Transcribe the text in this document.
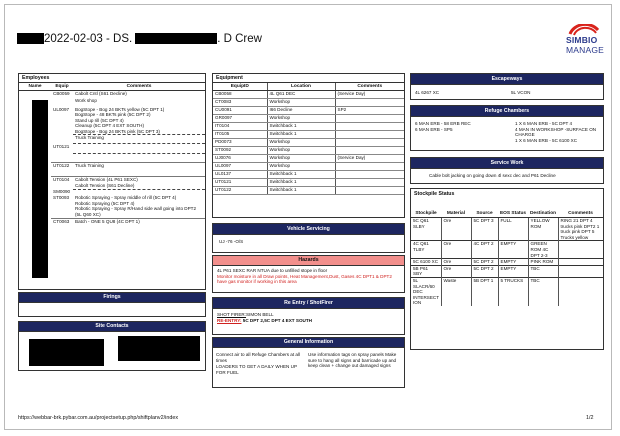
2022-02-03 - DS.	. D Crew	SIMBIO
MANAGE
Employees
Name	Equip	Comments
	CB0059	Cabolt Cntl (S61 Decline)
		Work shop
	UL0097	BogStope - Bog 24 BKTs yellow (5C DPT 1)
BogStope - 48 BKTs pink (5C DPT 2)
Stand up rill (5C DPT 4)
Cleanup (5C DPT 4 EXT SOUTH)
BogStope - Bog 24 BKTs pink (5C DPT 3)

		Truck Training
	UT0121	

	UT0122	Truck Training
	UT0104	Cabolt Tension (4L P61 SEXC)
Cabolt Tension (S61 Decline)

	SM0090	
	ST0093	Robotic Spraying - Spray middle of rill (5C DPT 4)
Robotic Spraying (5C DPT 4)
Robotic Spraying - Spray R/Hand side wall going into DPT2 (5L Q60 XC)

	CT0063	Batch - ONE 5 QU8 (4C DPT 1)
Firings
Site Contacts
Equipment
EquipID	Location	Comments
CB0058	4L Q61 DEC	(Service Day)
CT0083	Workshop	
CU0091	I66 Decline	SP2
GR0097	Workshop	
IT0104	Switchback 1	
IT0105	Switchback 1	
PD0073	Workshop	
ST0092	Workshop	
UJ0076	Workshop	(Service Day)
UL0097	Workshop	
UL0137	Switchback 1	
UT0121	Switchback 1	
UT0122	Switchback 1	
Vehicle Servicing
UJ -76 -O/S
Hazards
4L P61 SEXC RAR NTUA due to unfilled stope in floor
Monitor moisture in all Draw points, Heat Management,Dust, Gases 4C DPT1 & DPT2 have gas monitor if working in this area
Re Entry / ShotFirer
SHOT FIRER:SIMON BELL
RE-ENTRY: 5C DPT 2,5C DPT 4 EXT SOUTH
General Information
Connect air to all Refuge Chambers at all times
LOADERS TO GET A DAILY WHEN UP FOR FUEL
Use information tags on spray panels Make sure to hang all signs and barricade up and keep clean + change out damaged signs
Escapeways
4L 6267 XC	5L VCON
Refuge Chambers
6 MAN ERB - 58 ERB REC
6 MAN ERB - SP5
1 X 6 MAN ERB - 5C DPT 4
4 MAN IN WORKSHOP -SURFACE ON CHARGE
1 X 6 MAN ERB - 5C 6100 XC
Service Work
Cable bolt jacking on going down 4l sexc dec and P61 Decline
Stockpile Status
Stockpile	Material	Source	EOS Status	Destination	Comments
5C Q61 SLBY	Ore	5C DPT 3	FULL	YELLOW ROM	RING 21 DPT 4 trucks pink DPT2 1 truck pink DPT 5 Trucks yellow
4C Q61 TLBY	Ore	4C DPT 2	EMPTY	GREEN ROM 4C DPT 2-3	
5C 6100 XC	Ore	5C DPT 2	EMPTY	PINK ROM	
5B P61 SBY	Ore	5C DPT 2	EMPTY	TBC	
5L SLACR/60 DEC INTERSECT ION	Waste	5B DPT 1	5 TRUCKS	TBC	
https://webbar-brk.pybar.com.au/projectsetup.php/shiftplanv2/index	1/2
